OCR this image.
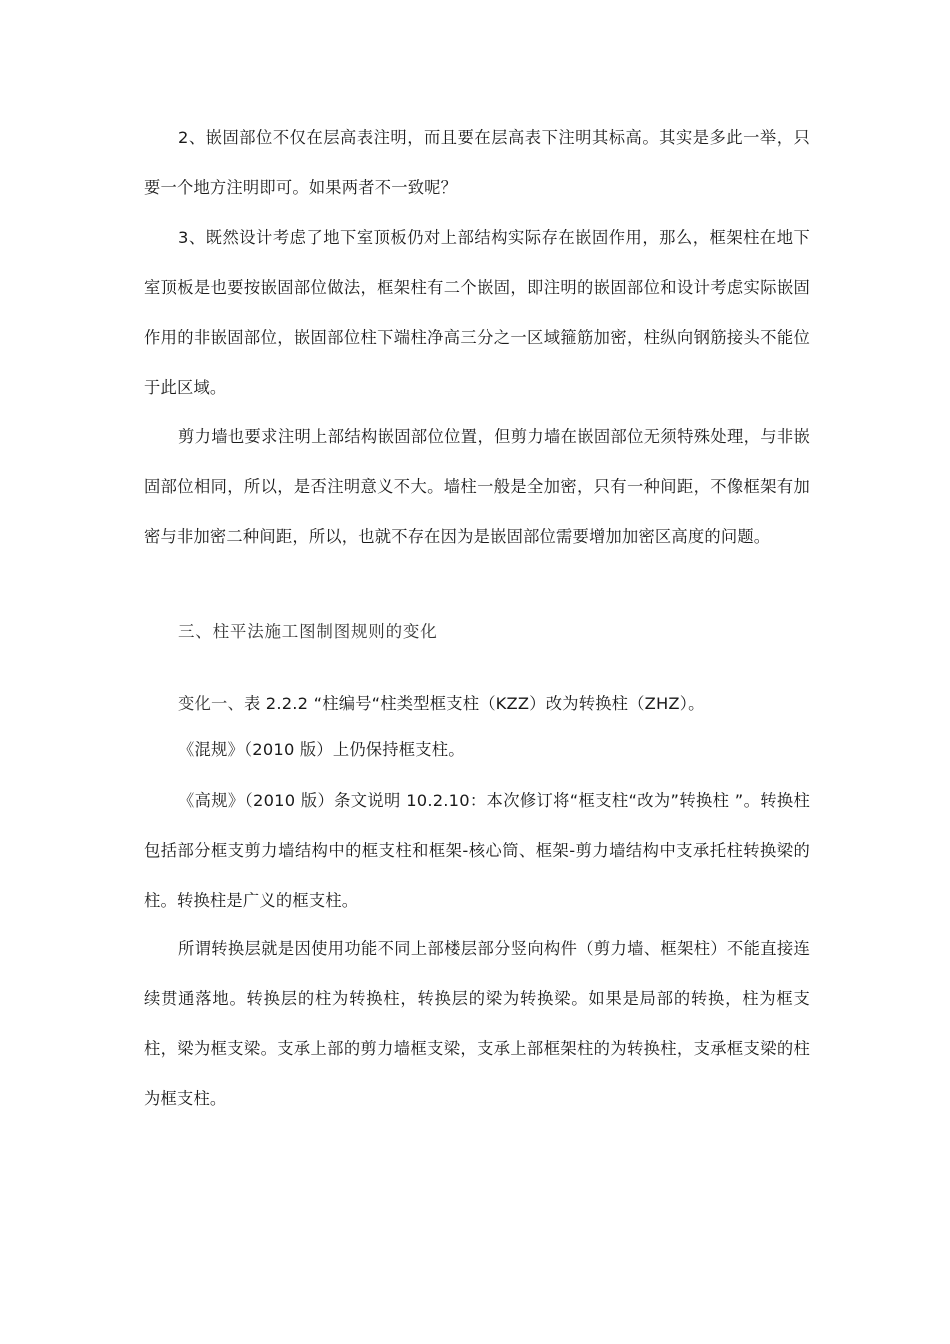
2、嵌固部位不仅在层高表注明，而且要在层高表下注明其标高。其实是多此一举，只要一个地方注明即可。如果两者不一致呢？

3、既然设计考虑了地下室顶板仍对上部结构实际存在嵌固作用，那么，框架柱在地下室顶板是也要按嵌固部位做法，框架柱有二个嵌固，即注明的嵌固部位和设计考虑实际嵌固作用的非嵌固部位，嵌固部位柱下端柱净高三分之一区域箍筋加密，柱纵向钢筋接头不能位于此区域。

剪力墙也要求注明上部结构嵌固部位位置，但剪力墙在嵌固部位无须特殊处理，与非嵌固部位相同，所以，是否注明意义不大。墙柱一般是全加密，只有一种间距，不像框架有加密与非加密二种间距，所以，也就不存在因为是嵌固部位需要增加加密区高度的问题。

三、柱平法施工图制图规则的变化

变化一、表 2.2.2 “柱编号“柱类型框支柱（KZZ）改为转换柱（ZHZ）。

《混规》（2010 版）上仍保持框支柱。

《高规》（2010 版）条文说明 10.2.10：本次修订将“框支柱“改为”转换柱 ”。转换柱包括部分框支剪力墙结构中的框支柱和框架-核心筒、框架-剪力墙结构中支承托柱转换梁的柱。转换柱是广义的框支柱。

所谓转换层就是因使用功能不同上部楼层部分竖向构件（剪力墙、框架柱）不能直接连续贯通落地。转换层的柱为转换柱，转换层的梁为转换梁。如果是局部的转换，柱为框支柱，梁为框支梁。支承上部的剪力墙框支梁，支承上部框架柱的为转换柱，支承框支梁的柱为框支柱。
